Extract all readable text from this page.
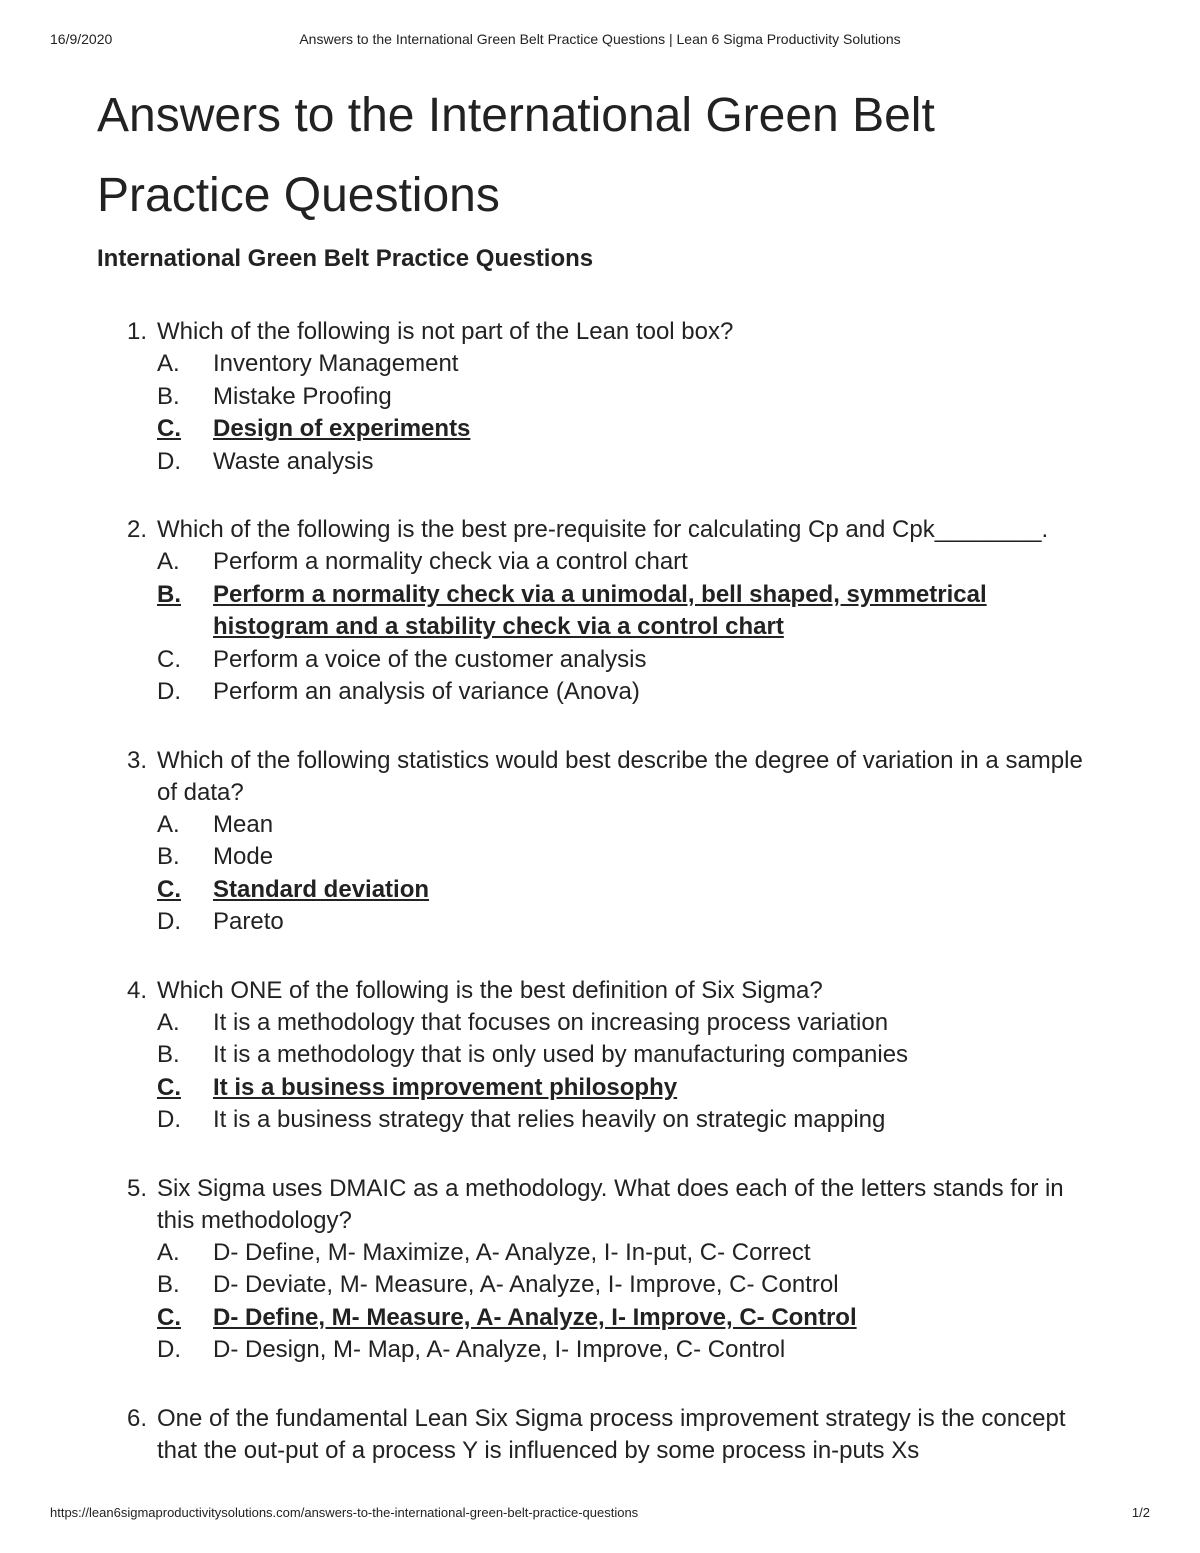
16/9/2020	Answers to the International Green Belt Practice Questions | Lean 6 Sigma Productivity Solutions
Answers to the International Green Belt Practice Questions
International Green Belt Practice Questions
1. Which of the following is not part of the Lean tool box?
A. Inventory Management
B. Mistake Proofing
C. Design of experiments
D. Waste analysis
2. Which of the following is the best pre-requisite for calculating Cp and Cpk________.
A. Perform a normality check via a control chart
B. Perform a normality check via a unimodal, bell shaped, symmetrical histogram and a stability check via a control chart
C. Perform a voice of the customer analysis
D. Perform an analysis of variance (Anova)
3. Which of the following statistics would best describe the degree of variation in a sample of data?
A. Mean
B. Mode
C. Standard deviation
D. Pareto
4. Which ONE of the following is the best definition of Six Sigma?
A. It is a methodology that focuses on increasing process variation
B. It is a methodology that is only used by manufacturing companies
C. It is a business improvement philosophy
D. It is a business strategy that relies heavily on strategic mapping
5. Six Sigma uses DMAIC as a methodology. What does each of the letters stands for in this methodology?
A. D- Define, M- Maximize, A- Analyze, I- In-put, C- Correct
B. D- Deviate, M- Measure, A- Analyze, I- Improve, C- Control
C. D- Define, M- Measure, A- Analyze, I- Improve, C- Control
D. D- Design, M- Map, A- Analyze, I- Improve, C- Control
6. One of the fundamental Lean Six Sigma process improvement strategy is the concept that the out-put of a process Y is influenced by some process in-puts Xs
https://lean6sigmaproductivitysolutions.com/answers-to-the-international-green-belt-practice-questions	1/2
